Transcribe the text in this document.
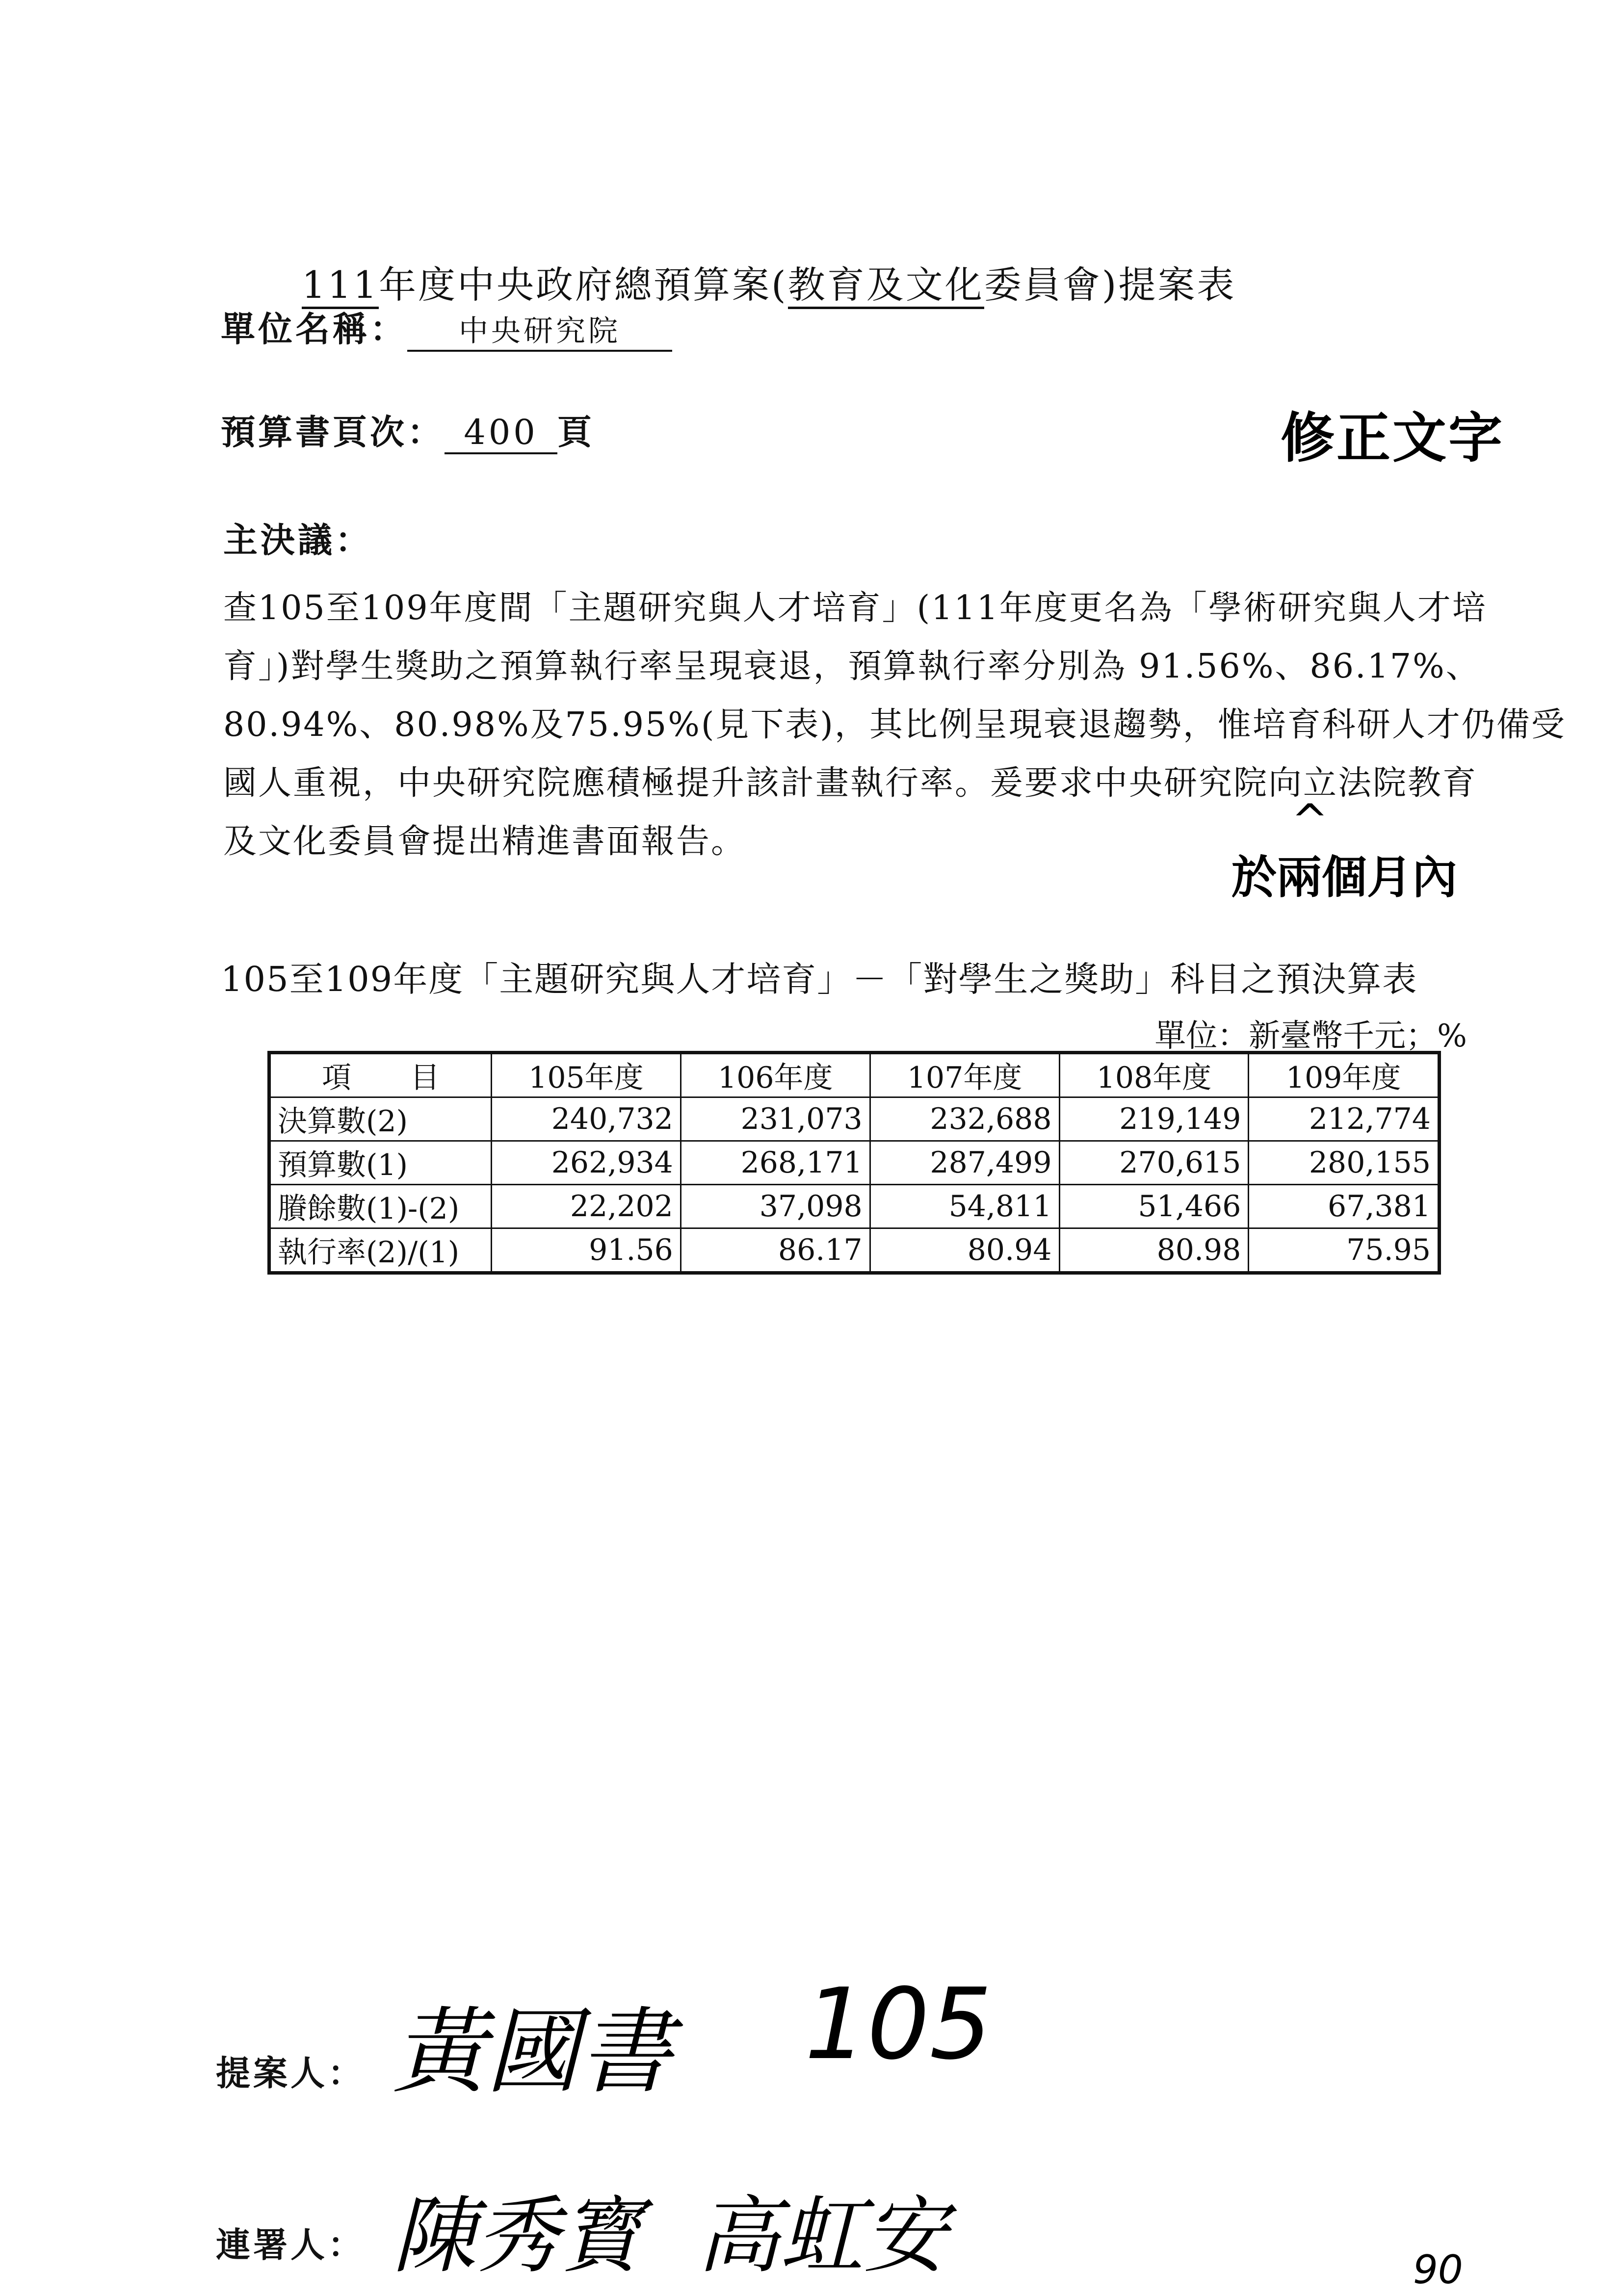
111年度中央政府總預算案(教育及文化委員會)提案表
單位名稱： 中央研究院
預算書頁次： 400 頁	修正文字
主決議：
查105至109年度間「主題研究與人才培育」(111年度更名為「學術研究與人才培
育」)對學生獎助之預算執行率呈現衰退，預算執行率分別為 91.56%、86.17%、
80.94%、80.98%及75.95%(見下表)，其比例呈現衰退趨勢，惟培育科研人才仍備受
國人重視，中央研究院應積極提升該計畫執行率。爰要求中央研究院向立法院教育
及文化委員會提出精進書面報告。	^
於兩個月內
105至109年度「主題研究與人才培育」－「對學生之獎助」科目之預決算表
單位：新臺幣千元；%
項　　目	105年度	106年度	107年度	108年度	109年度
決算數(2)	240,732	231,073	232,688	219,149	212,774
預算數(1)	262,934	268,171	287,499	270,615	280,155
賸餘數(1)-(2)	22,202	37,098	54,811	51,466	67,381
執行率(2)/(1)	91.56	86.17	80.94	80.98	75.95
提案人： 黃國書 105
連署人： 陳秀寳 高虹安	90
